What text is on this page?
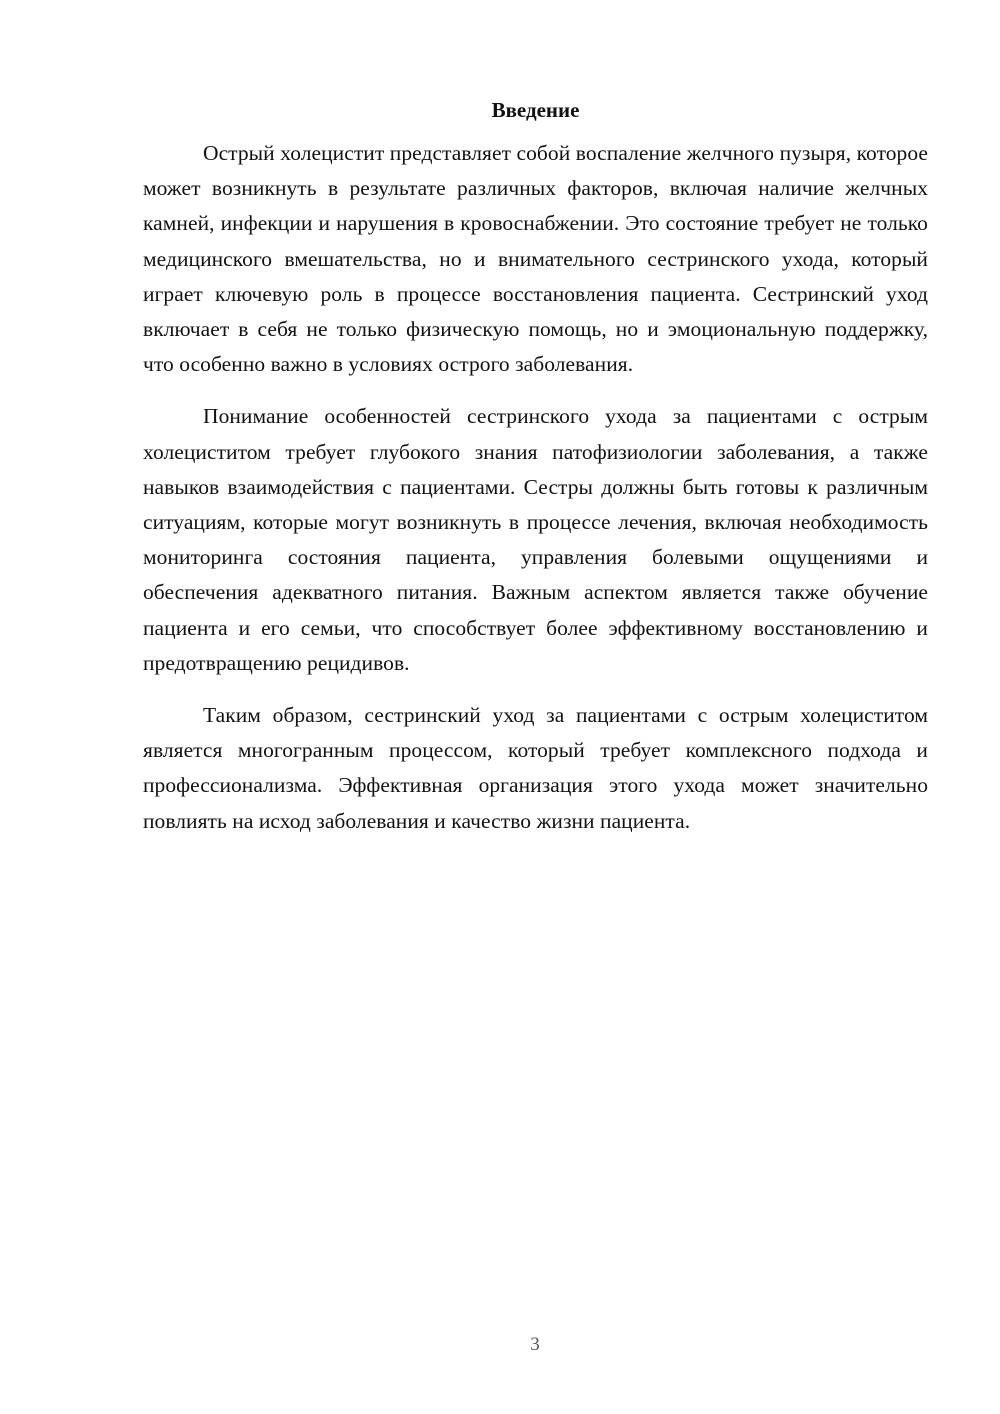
Введение

Острый холецистит представляет собой воспаление желчного пузыря, которое может возникнуть в результате различных факторов, включая наличие желчных камней, инфекции и нарушения в кровоснабжении. Это состояние требует не только медицинского вмешательства, но и внимательного сестринского ухода, который играет ключевую роль в процессе восстановления пациента. Сестринский уход включает в себя не только физическую помощь, но и эмоциональную поддержку, что особенно важно в условиях острого заболевания.

Понимание особенностей сестринского ухода за пациентами с острым холециститом требует глубокого знания патофизиологии заболевания, а также навыков взаимодействия с пациентами. Сестры должны быть готовы к различным ситуациям, которые могут возникнуть в процессе лечения, включая необходимость мониторинга состояния пациента, управления болевыми ощущениями и обеспечения адекватного питания. Важным аспектом является также обучение пациента и его семьи, что способствует более эффективному восстановлению и предотвращению рецидивов.

Таким образом, сестринский уход за пациентами с острым холециститом является многогранным процессом, который требует комплексного подхода и профессионализма. Эффективная организация этого ухода может значительно повлиять на исход заболевания и качество жизни пациента.

3
